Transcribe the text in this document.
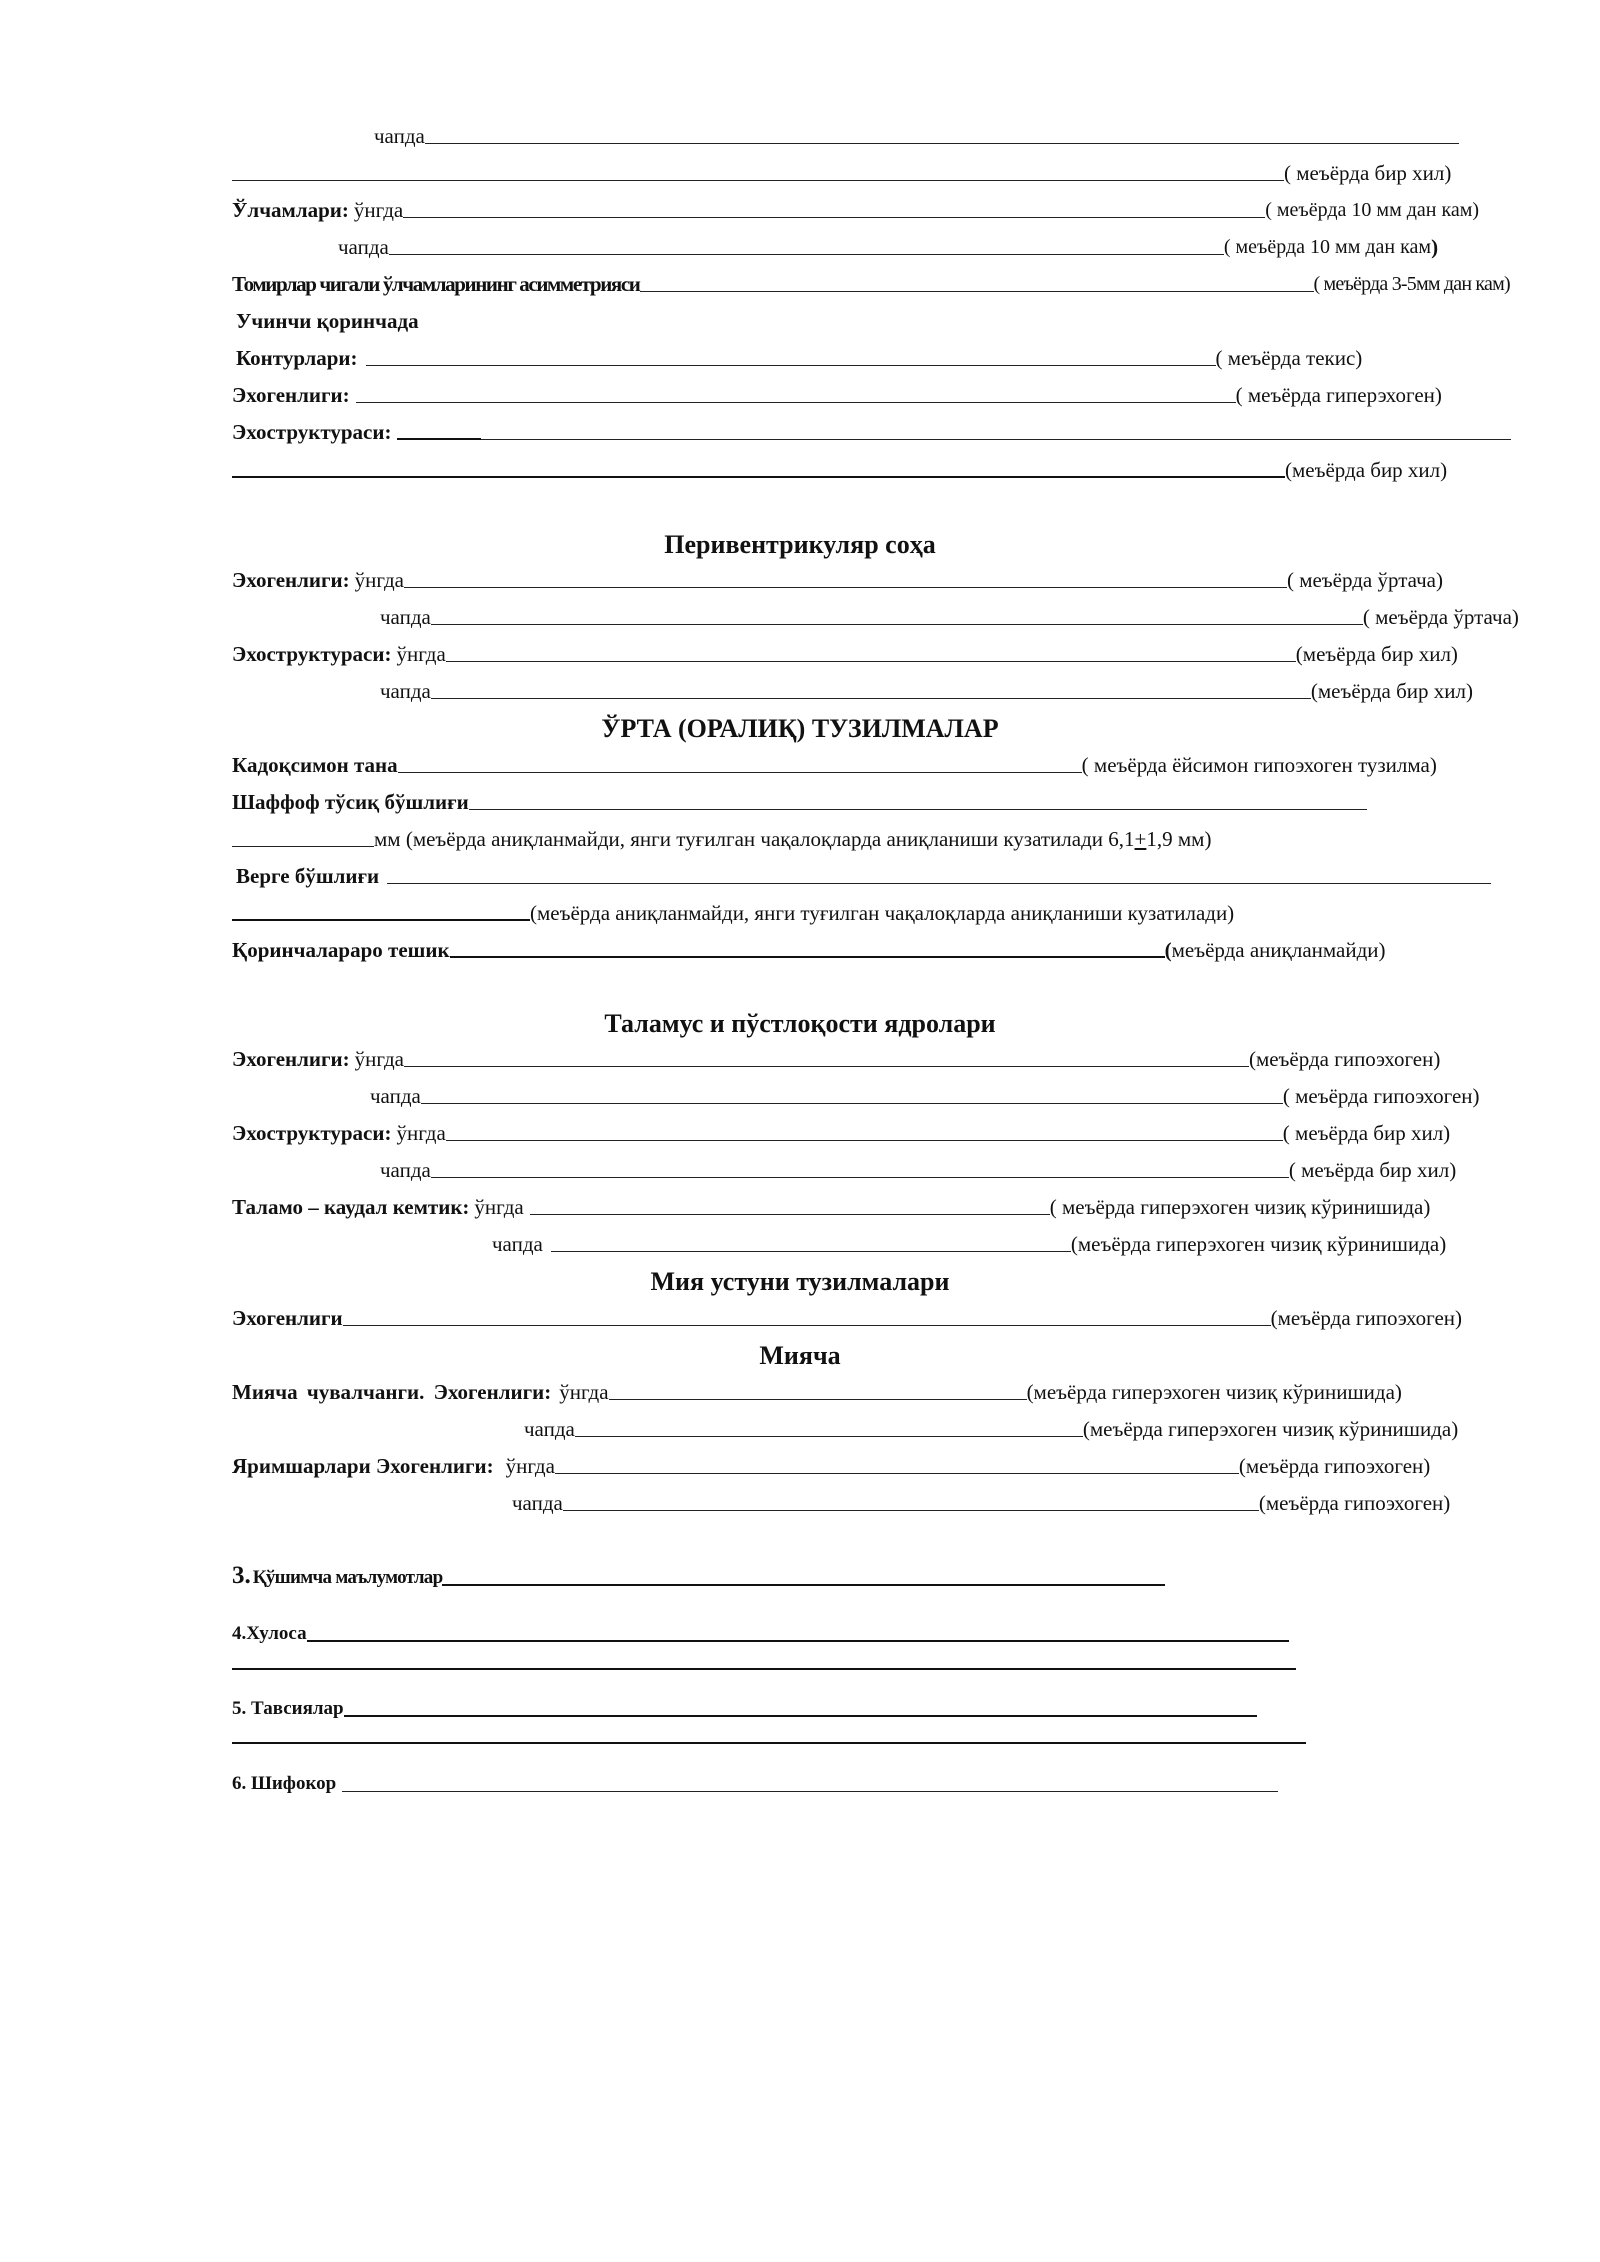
чапда
( меъёрда бир хил)
Ўлчамлари: ўнгда	( меъёрда 10 мм дан кам)
чапда	( меъёрда 10 мм дан кам )
Томирлар чигали ўлчамларининг асимметрияси	( меъёрда 3-5мм дан кам)
Учинчи қоринчада
Контурлари:	( меъёрда текис)
Эхогенлиги:	( меъёрда гиперэхоген)
Эхоструктураси:
(меъёрда бир хил)
Перивентрикуляр соҳа
Эхогенлиги: ўнгда	( меъёрда ўртача)
чапда	( меъёрда ўртача)
Эхоструктураси: ўнгда	(меъёрда бир хил)
чапда	(меъёрда бир хил)
ЎРТА (ОРАЛИҚ) ТУЗИЛМАЛАР
Кадоқсимон тана	( меъёрда ёйсимон гипоэхоген тузилма)
Шаффоф тўсиқ бўшлиғи
мм (меъёрда аниқланмайди, янги туғилган чақалоқларда аниқланиши кузатилади 6,1 + 1,9 мм)
Верге бўшлиғи
(меъёрда аниқланмайди, янги туғилган чақалоқларда аниқланиши кузатилади)
Қоринчалараро тешик	( меъёрда аниқланмайди)
Таламус и пўстлоқости ядролари
Эхогенлиги: ўнгда	(меъёрда гипоэхоген)
чапда	( меъёрда гипоэхоген)
Эхоструктураси: ўнгда	( меъёрда бир хил)
чапда	( меъёрда бир хил)
Таламо – каудал кемтик: ўнгда	( меъёрда гиперэхоген чизиқ кўринишида)
чапда	(меъёрда гиперэхоген чизиқ кўринишида)
Мия устуни тузилмалари
Эхогенлиги	(меъёрда гипоэхоген)
Мияча
Мияча чувалчанги. Эхогенлиги: ўнгда	(меъёрда гиперэхоген чизиқ кўринишида)
чапда	(меъёрда гиперэхоген чизиқ кўринишида)
Яримшарлари Эхогенлиги: ўнгда	(меъёрда гипоэхоген)
чапда	(меъёрда гипоэхоген)
3. Қўшимча маълумотлар
4.Хулоса
5. Тавсиялар
6. Шифокор
